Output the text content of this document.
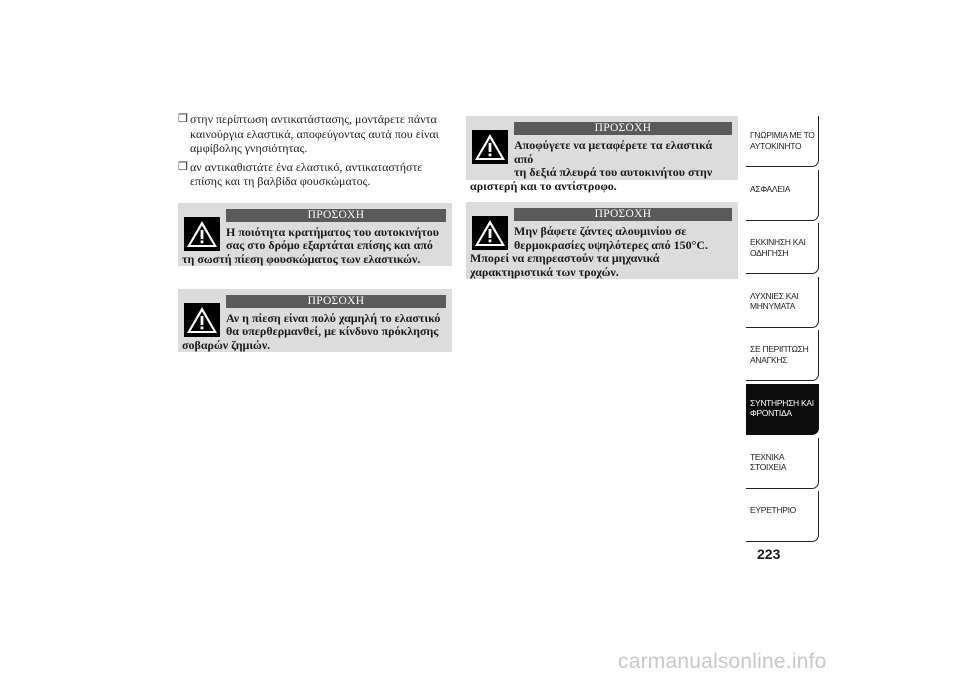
❒ στην περίπτωση αντικατάστασης, μοντάρετε πάντα
καινούργια ελαστικά, αποφεύγοντας αυτά που είναι αμφίβολης γνησιότητας.
❒ αν αντικαθιστάτε ένα ελαστικό, αντικαταστήστε
επίσης και τη βαλβίδα φουσκώματος.
ΠΡΟΣΟΧΗ
Η ποιότητα κρατήματος του αυτοκινήτου
σας στο δρόμο εξαρτάται επίσης και από
τη σωστή πίεση φουσκώματος των ελαστικών.
ΠΡΟΣΟΧΗ
Αν η πίεση είναι πολύ χαμηλή το ελαστικό
θα υπερθερμανθεί, με κίνδυνο πρόκλησης
σοβαρών ζημιών.
ΠΡΟΣΟΧΗ
Αποφύγετε να μεταφέρετε τα ελαστικά από
τη δεξιά πλευρά του αυτοκινήτου στην
αριστερή και το αντίστροφο.
ΠΡΟΣΟΧΗ
Μην βάφετε ζάντες αλουμινίου σε
θερμοκρασίες υψηλότερες από 150°C.
Μπορεί να επηρεαστούν τα μηχανικά χαρακτηριστικά των τροχών.
ΓΝΩΡΙΜΙΑ ΜΕ ΤΟ ΑΥΤΟΚΙΝΗΤΟ
ΑΣΦΑΛΕΙΑ
ΕΚΚΙΝΗΣΗ ΚΑΙ ΟΔΗΓΗΣΗ
ΛΥΧΝΙΕΣ ΚΑΙ ΜΗΝΥΜΑΤΑ
ΣΕ ΠΕΡΙΠΤΩΣΗ ΑΝΑΓΚΗΣ
ΣΥΝΤΗΡΗΣΗ ΚΑΙ ΦΡΟΝΤΙΔΑ
ΤΕΧΝΙΚΑ ΣΤΟΙΧΕΙΑ
ΕΥΡΕΤΗΡΙΟ
223
carmanualsonline.info
